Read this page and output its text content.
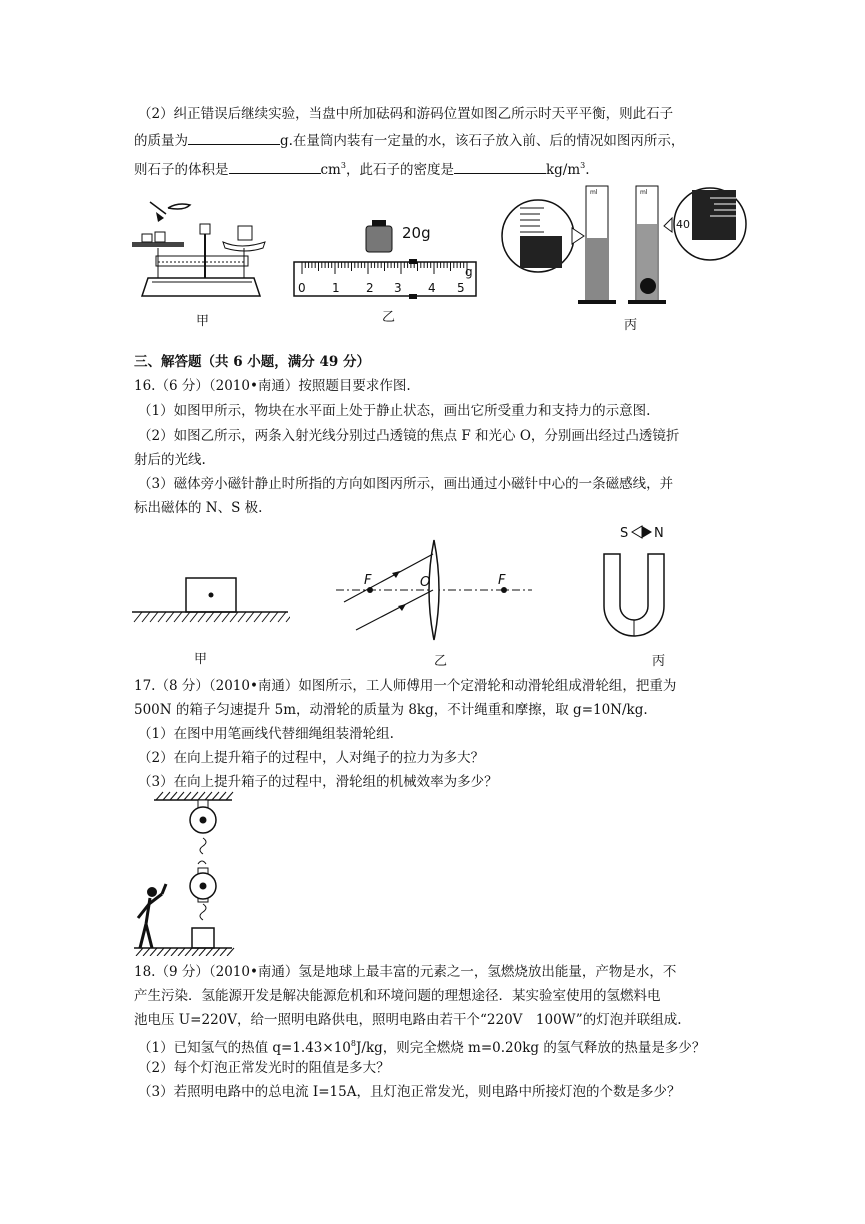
（2）纠正错误后继续实验，当盘中所加砝码和游码位置如图乙所示时天平平衡，则此石子
的质量为	g.在量筒内装有一定量的水，该石子放入前、后的情况如图丙所示，
则石子的体积是	$cm^3$，此石子的密度是	$kg/m^3$.
甲
20g
g
0 1 2 3 4 5
乙
30
ml	ml
40
丙
三、解答题（共 6 小题，满分 49 分）
16.（6 分）（2010•南通）按照题目要求作图.
（1）如图甲所示，物块在水平面上处于静止状态，画出它所受重力和支持力的示意图.
（2）如图乙所示，两条入射光线分别过凸透镜的焦点 F 和光心 O，分别画出经过凸透镜折
射后的光线.
（3）磁体旁小磁针静止时所指的方向如图丙所示，画出通过小磁针中心的一条磁感线，并
标出磁体的 N、S 极.
甲
F	F
O
乙
S N
丙
17.（8 分）（2010•南通）如图所示，工人师傅用一个定滑轮和动滑轮组成滑轮组，把重为
500N 的箱子匀速提升 5m，动滑轮的质量为 8kg，不计绳重和摩擦，取 g=10N/kg.
（1）在图中用笔画线代替细绳组装滑轮组.
（2）在向上提升箱子的过程中，人对绳子的拉力为多大？
（3）在向上提升箱子的过程中，滑轮组的机械效率为多少？
18.（9 分）（2010•南通）氢是地球上最丰富的元素之一，氢燃烧放出能量，产物是水，不
产生污染．氢能源开发是解决能源危机和环境问题的理想途径．某实验室使用的氢燃料电
池电压 U=220V，给一照明电路供电，照明电路由若干个“220V　100W”的灯泡并联组成.
（1）已知氢气的热值 $q=1.43\times 10^8J/kg$，则完全燃烧 m=0.20kg 的氢气释放的热量是多少？
（2）每个灯泡正常发光时的阻值是多大？
（3）若照明电路中的总电流 I=15A，且灯泡正常发光，则电路中所接灯泡的个数是多少？
